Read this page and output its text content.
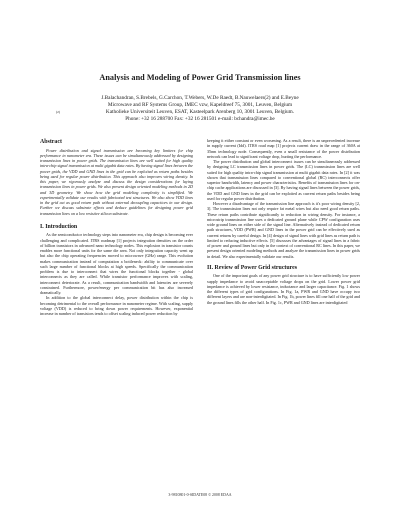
Analysis and Modeling of Power Grid Transmission lines
J.Balachandran, S.Brebels, G.Carchon, T.Webers, W.De Raedt, B.Nauwelaers(2) and E.Beyne
Microwave and RF Systems Group, IMEC vzw, Kapeldreef 75, 3001, Leuven, Belgium
(2)	Katholieke Universiteit Leuven, ESAT, Kasteelpark Arenberg 10, 3001 Leuven, Belgium.
Phone: +32 16 288700 Fax: +32 16 281501 e-mail: bchandra@imec.be
Abstract

Power distribution and signal transmission are becoming key limiters for chip performance in nanometer era. These issues can be simultaneously addressed by designing transmission lines in power grids. The transmission lines are well suited for high quality intra-chip signal transmission at multi gigabit data rates. By having signal lines between the power grids, the VDD and GND lines in the grid can be exploited as return paths besides being used for regular power distribution. This approach also improves wiring density. In this paper, we rigorously analyze and discuss the design considerations for laying transmission lines in power grids. We also present design oriented modeling methods in 2D and 3D geometry. We show how the grid modeling complexity is simplified. We experimentally validate our results with fabricated test structures. We also show VDD lines in the grid act as good return path without external decoupling capacitors in our design. Further we discuss substrate effects and deduce guidelines for designing power grid transmission lines on a low resistive silicon substrate.

I. Introduction

As the semiconductor technology steps into nanometer era, chip design is becoming ever challenging and complicated. ITRS roadmap [1] projects integration densities on the order of billion transistors in advanced nano technology nodes. This explosion in transistor counts enables more functional units for the same die area. Not only integration capacity went up but also the chip operating frequencies moved to microwave (GHz) range. This evolution makes communication instead of computation a bottleneck: ability to communicate over such large number of functional blocks at high speeds. Specifically the communication problem is due to interconnect that wires the functional blocks together - global interconnects as they are called. While transistor performance improves with scaling, interconnect deteriorate. As a result, communication bandwidth and latencies are severely constrained. Furthermore, power/energy per communication bit has also increased dramatically.

In addition to the global interconnect delay, power distribution within the chip is becoming detrimental to the overall performance in nanometer regime. With scaling, supply voltage (VDD) is reduced to bring down power requirements. However, exponential increase in number of transistors tends to offset scaling induced power reduction by

keeping it either constant or even worsening. As a result, there is an unprecedented increase in supply current (Idd). ITRS road map [1] projects current draw in the range of 360A at 35nm technology node. Consequently, even a small resistance of the power distribution network can lead to significant voltage drop, hurting the performance.

The power distribution and global interconnect issues can be simultaneously addressed by designing LC transmission lines in power grids. The (LC) transmission lines are well suited for high quality intra-chip signal transmission at multi gigabit data rates. In [2] it was shown that transmission lines compared to conventional global (RC) interconnects offer superior bandwidth, latency and power characteristics. Benefits of transmission lines for on-chip cache applications are discussed in [3]. By having signal lines between the power grids, the VDD and GND lines in the grid can be exploited as current return paths besides being used for regular power distribution.

However a disadvantage of the transmission line approach is it's poor wiring density [2, 3]. The transmission lines not only require fat metal wires but also need good return paths. These return paths contribute significantly to reduction in wiring density. For instance, a microstrip transmission line uses a dedicated ground plane while CPW configuration uses wide ground lines on either side of the signal line. Alternatively instead of dedicated return path structures, VDD (PWR) and GND lines in the power grid can be effectively used as current returns by careful design. In [4] design of signal lines with grid lines as return path is limited to reducing inductive effects. [5] discusses the advantages of signal lines in a fabric of power and ground lines but only in the context of conventional RC lines. In this paper, we present design oriented modeling methods and analyze the transmission lines in power grids in detail. We also experimentally validate our results.

II. Review of Power Grid structures

One of the important goals of any power grid structure is to have sufficiently low power supply impedance to avoid unacceptable voltage drops on the grid. Lower power grid impedance is achieved by lower resistance, inductance and larger capacitance. Fig. 1 shows the different types of grid configurations. In Fig. 1a, PWR and GND have occupy two different layers and are non-interdigitated. In Fig. 1b, power lines fill one half of the grid and the ground lines fills the other half. In Fig. 1c, PWR and GND lines are interdigitated

3-9810801-0-SIDATE08 © 2008 EDAA
